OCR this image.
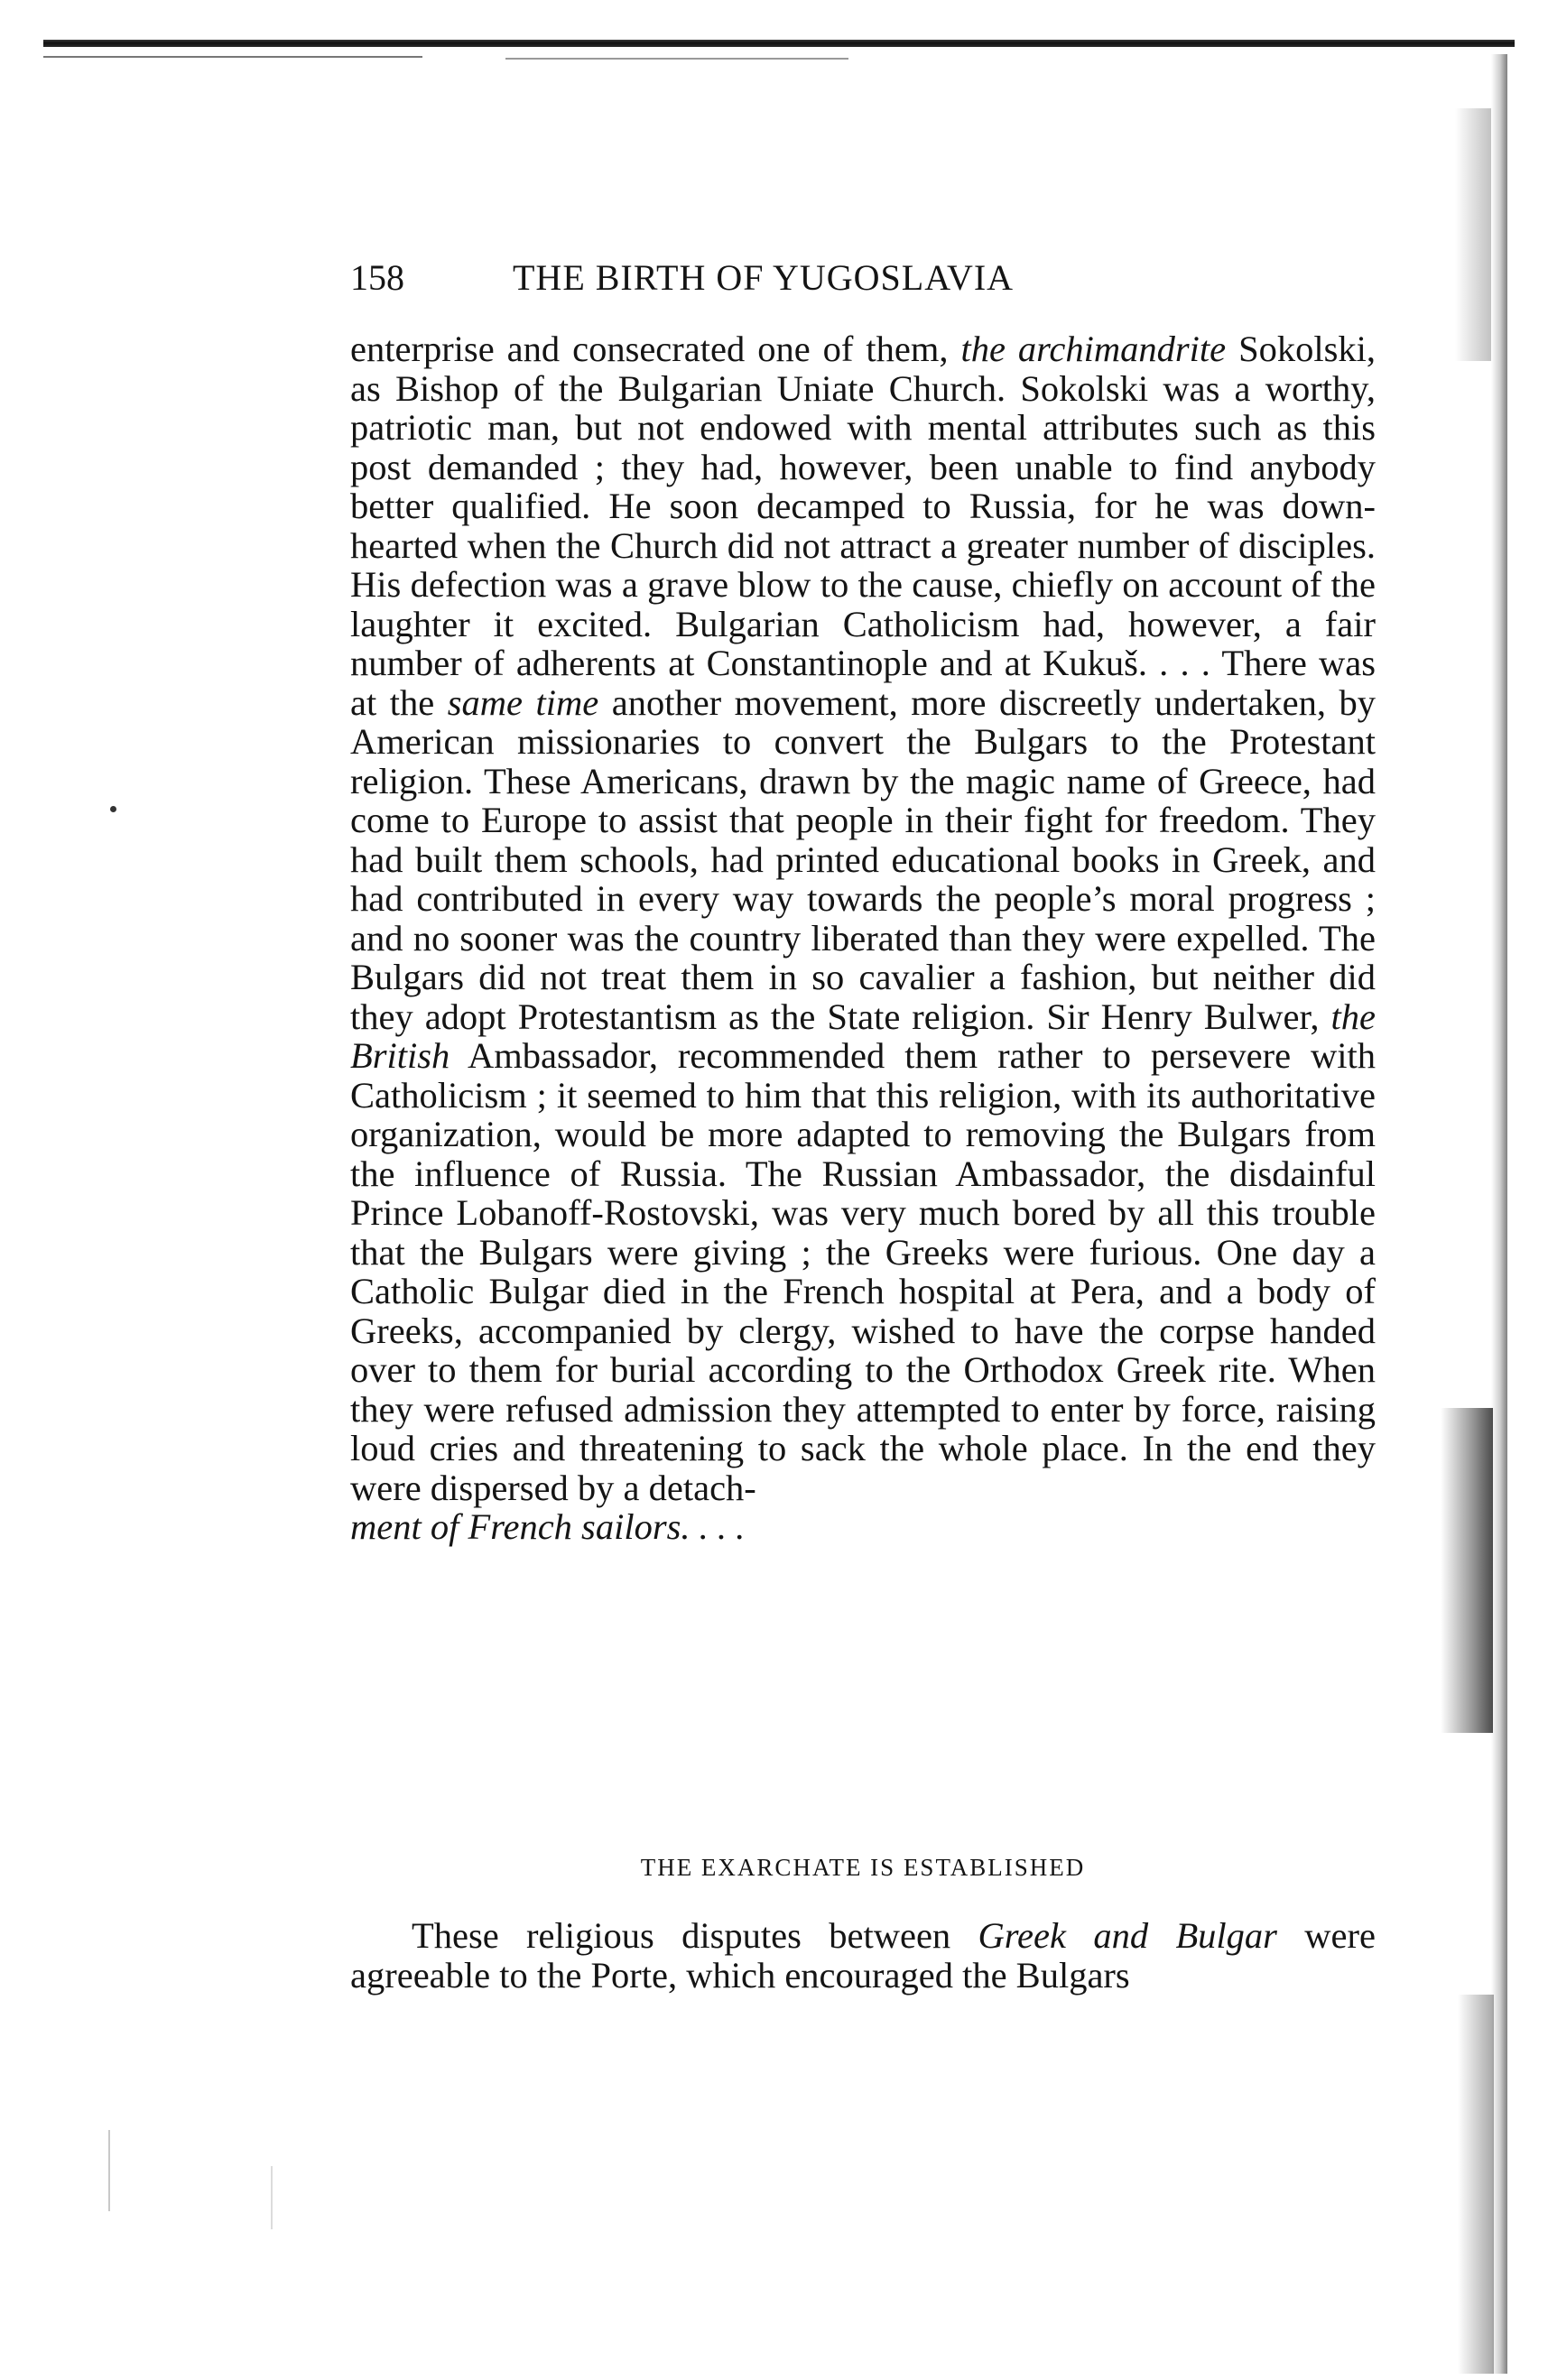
158	THE BIRTH OF YUGOSLAVIA

enterprise and consecrated one of them, the archimandrite Sokolski, as Bishop of the Bulgarian Uniate Church. Sokolski was a worthy, patriotic man, but not endowed with mental attributes such as this post demanded ; they had, however, been unable to find anybody better qualified. He soon decamped to Russia, for he was down-hearted when the Church did not attract a greater number of disciples. His defection was a grave blow to the cause, chiefly on account of the laughter it excited. Bulgarian Catholicism had, however, a fair number of adherents at Constantinople and at Kukuš. . . . There was at the same time another movement, more discreetly undertaken, by American missionaries to convert the Bulgars to the Protestant religion. These Americans, drawn by the magic name of Greece, had come to Europe to assist that people in their fight for freedom. They had built them schools, had printed educational books in Greek, and had contributed in every way towards the people’s moral progress ; and no sooner was the country liberated than they were expelled. The Bulgars did not treat them in so cavalier a fashion, but neither did they adopt Protestantism as the State religion. Sir Henry Bulwer, the British Ambassador, recommended them rather to persevere with Catholicism ; it seemed to him that this religion, with its authoritative organization, would be more adapted to removing the Bulgars from the influence of Russia. The Russian Ambassador, the disdainful Prince Lobanoff-Rostovski, was very much bored by all this trouble that the Bulgars were giving ; the Greeks were furious. One day a Catholic Bulgar died in the French hospital at Pera, and a body of Greeks, accompanied by clergy, wished to have the corpse handed over to them for burial according to the Orthodox Greek rite. When they were refused admission they attempted to enter by force, raising loud cries and threatening to sack the whole place. In the end they were dispersed by a detach-
ment of French sailors. . . .

THE EXARCHATE IS ESTABLISHED

These religious disputes between Greek and Bulgar were agreeable to the Porte, which encouraged the Bulgars
